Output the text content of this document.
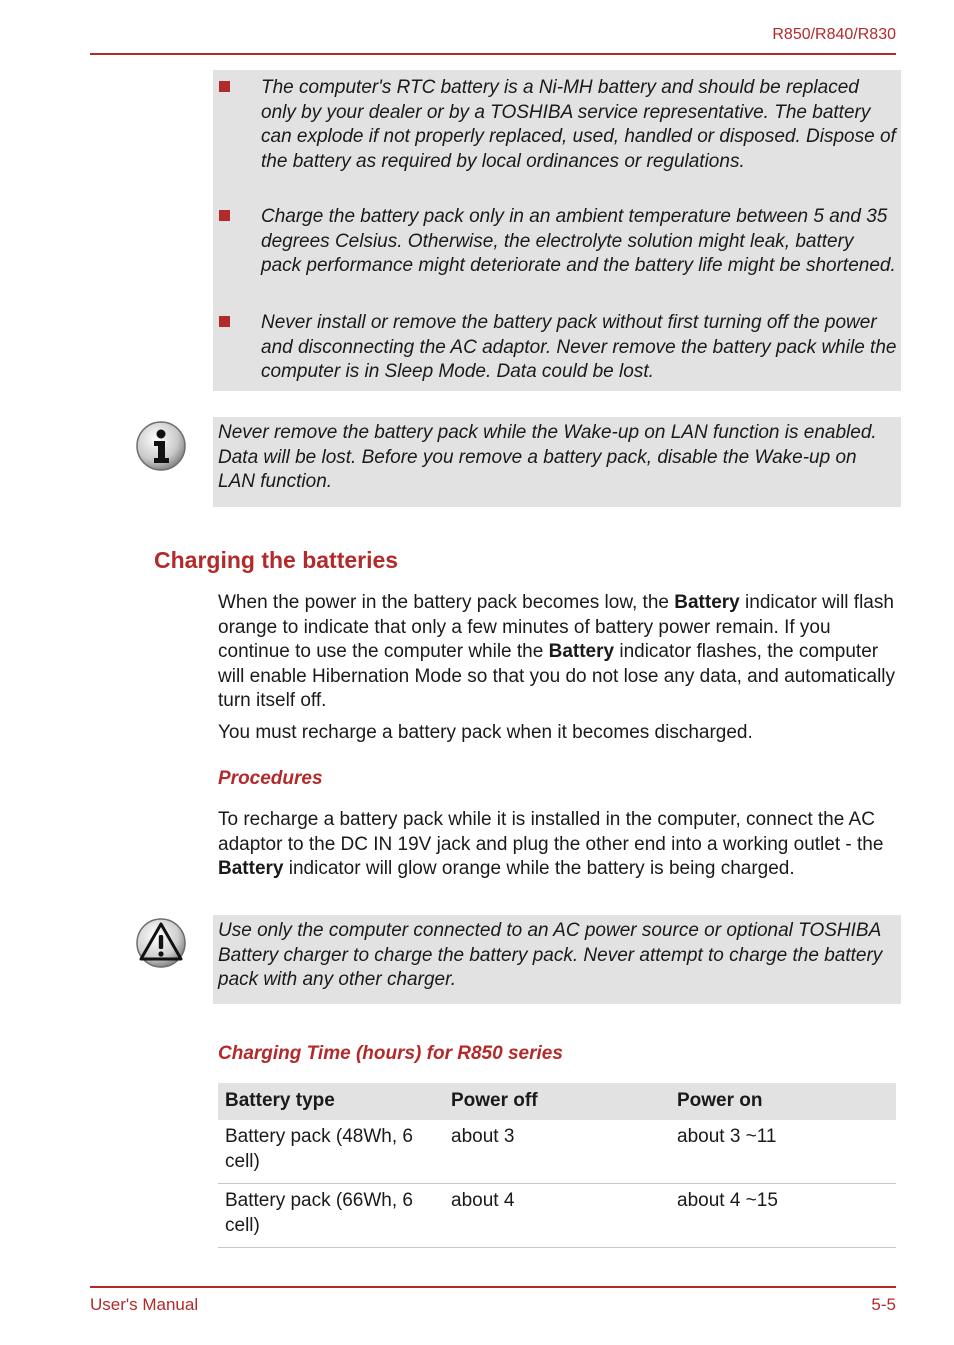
R850/R840/R830
The computer's RTC battery is a Ni-MH battery and should be replaced only by your dealer or by a TOSHIBA service representative. The battery can explode if not properly replaced, used, handled or disposed. Dispose of the battery as required by local ordinances or regulations.
Charge the battery pack only in an ambient temperature between 5 and 35 degrees Celsius. Otherwise, the electrolyte solution might leak, battery pack performance might deteriorate and the battery life might be shortened.
Never install or remove the battery pack without first turning off the power and disconnecting the AC adaptor. Never remove the battery pack while the computer is in Sleep Mode. Data could be lost.
Never remove the battery pack while the Wake-up on LAN function is enabled. Data will be lost. Before you remove a battery pack, disable the Wake-up on LAN function.
Charging the batteries
When the power in the battery pack becomes low, the Battery indicator will flash orange to indicate that only a few minutes of battery power remain. If you continue to use the computer while the Battery indicator flashes, the computer will enable Hibernation Mode so that you do not lose any data, and automatically turn itself off.
You must recharge a battery pack when it becomes discharged.
Procedures
To recharge a battery pack while it is installed in the computer, connect the AC adaptor to the DC IN 19V jack and plug the other end into a working outlet - the Battery indicator will glow orange while the battery is being charged.
Use only the computer connected to an AC power source or optional TOSHIBA Battery charger to charge the battery pack. Never attempt to charge the battery pack with any other charger.
Charging Time (hours) for R850 series
Battery type	Power off	Power on
Battery pack (48Wh, 6 cell)	about 3	about 3 ~11
Battery pack (66Wh, 6 cell)	about 4	about 4 ~15
User's Manual	5-5
